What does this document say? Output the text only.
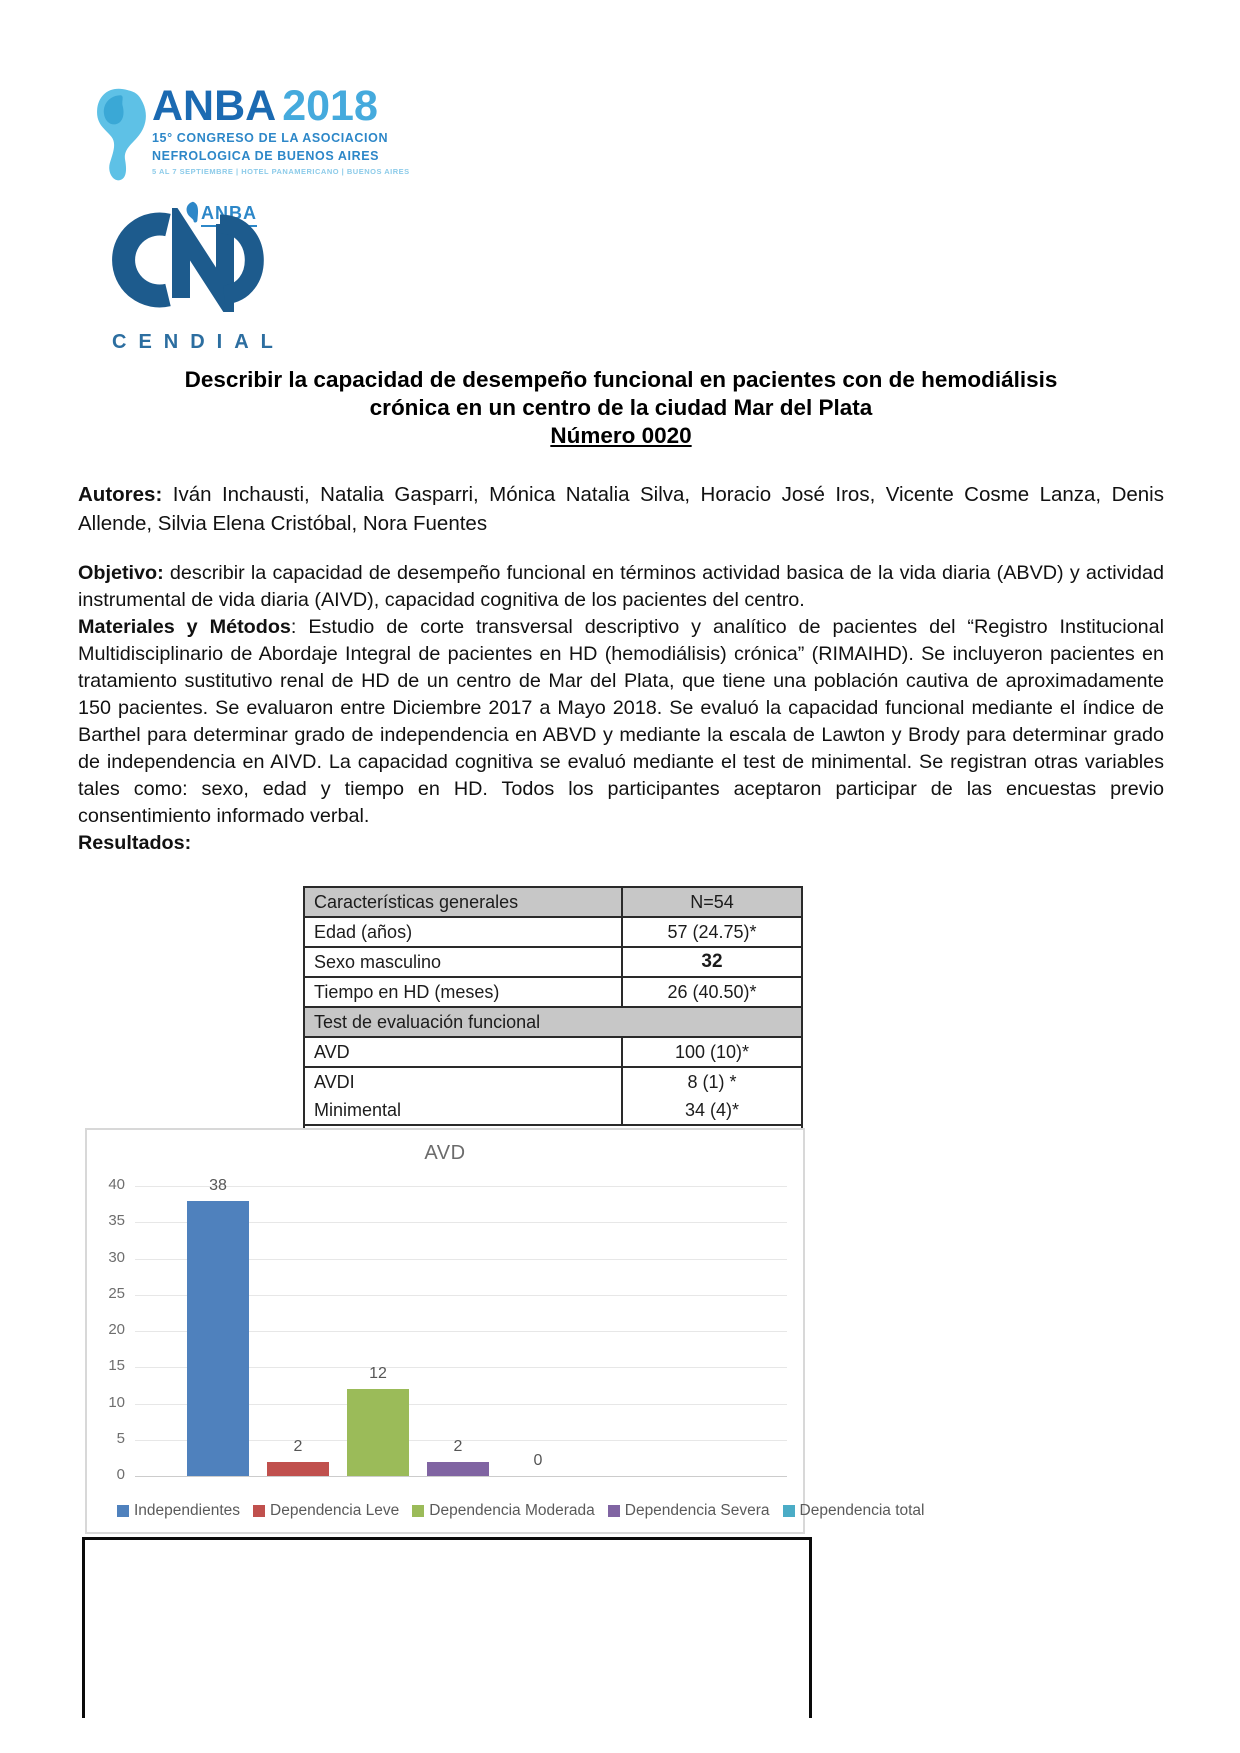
ANBA 2018
15° CONGRESO DE LA ASOCIACION
NEFROLOGICA DE BUENOS AIRES
5 AL 7 SEPTIEMBRE | HOTEL PANAMERICANO | BUENOS AIRES
ANBA
CENDIAL
Describir la capacidad de desempeño funcional en pacientes con de hemodiálisis
crónica en un centro de la ciudad Mar del Plata
Número 0020
Autores: Iván Inchausti, Natalia Gasparri, Mónica Natalia Silva, Horacio José Iros, Vicente Cosme Lanza, Denis Allende, Silvia Elena Cristóbal, Nora Fuentes

Objetivo: describir la capacidad de desempeño funcional en términos actividad basica de la vida diaria (ABVD) y actividad instrumental de vida diaria (AIVD), capacidad cognitiva de los pacientes del centro.

Materiales y Métodos: Estudio de corte transversal descriptivo y analítico de pacientes del “Registro Institucional Multidisciplinario de Abordaje Integral de pacientes en HD (hemodiálisis) crónica” (RIMAIHD). Se incluyeron pacientes en tratamiento sustitutivo renal de HD de un centro de Mar del Plata, que tiene una población cautiva de aproximadamente 150 pacientes. Se evaluaron entre Diciembre 2017 a Mayo 2018. Se evaluó la capacidad funcional mediante el índice de Barthel para determinar grado de independencia en ABVD y mediante la escala de Lawton y Brody para determinar grado de independencia en AIVD. La capacidad cognitiva se evaluó mediante el test de minimental. Se registran otras variables tales como: sexo, edad y tiempo en HD. Todos los participantes aceptaron participar de las encuestas previo consentimiento informado verbal.

Resultados:

Características generales	N=54
Edad (años)	57 (24.75)*
Sexo masculino	32
Tiempo en HD (meses)	26 (40.50)*
Test de evaluación funcional	
AVD	100 (10)*
AVDI	8 (1) *
Minimental	34 (4)*

AVD
38
2
12
2
0
Independientes Dependencia Leve Dependencia Moderada Dependencia Severa Dependencia total
0
5
10
15
20
25
30
35
40
